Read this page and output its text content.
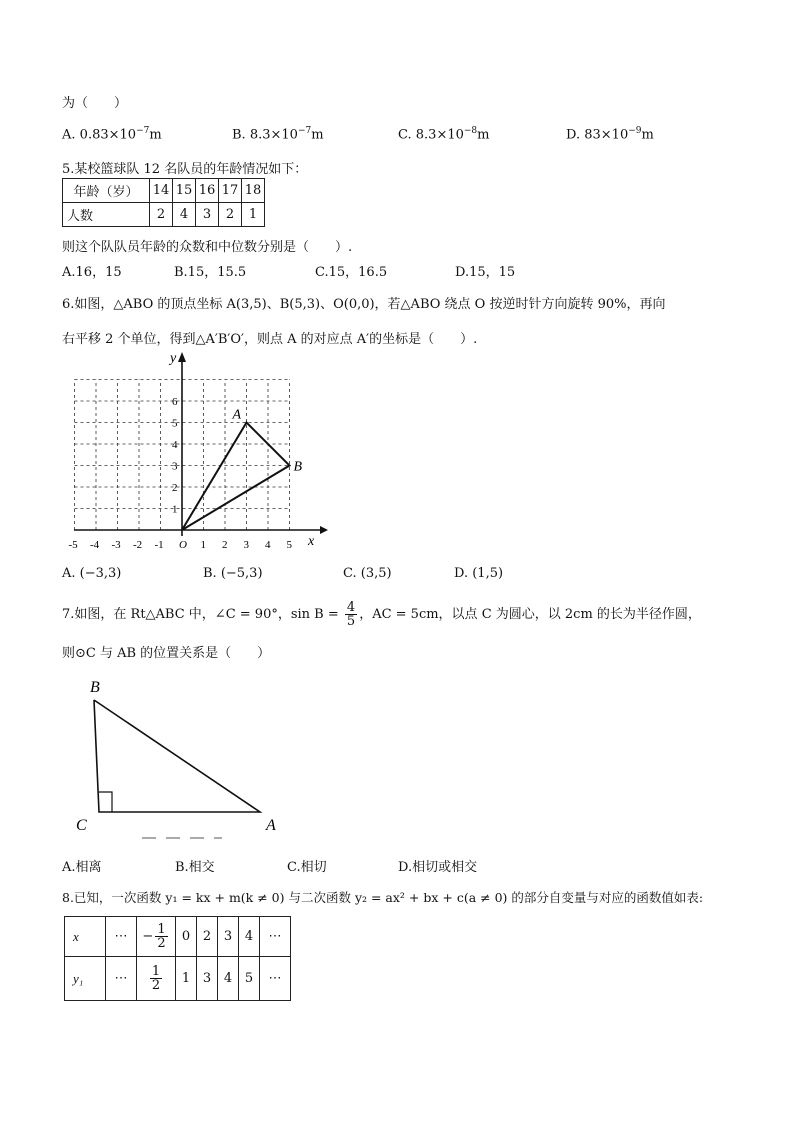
为（　　）
A. $0.83\times 10^{-7}m$	B. $8.3\times 10^{-7}m$	C. $8.3\times 10^{-8}m$	D. $83\times 10^{-9}m$
5.某校篮球队 12 名队员的年龄情况如下：
年龄（岁）	14	15	16	17	18
人数	2	4	3	2	1
则这个队队员年龄的众数和中位数分别是（　　）.
A.16，15	B.15，15.5	C.15，16.5	D.15，15
6.如图，△ABO 的顶点坐标 A(3,5)、B(5,3)、O(0,0)，若△ABO 绕点 O 按逆时针方向旋转 90%，再向
右平移 2 个单位，得到△A′B′O′，则点 A 的对应点 A′的坐标是（　　）.
x
y
-5 -4 -3 -2 -1 O 1 2 3 4 5
1
2
3
4
5
6
A
B
A. (−3,3)	B. (−5,3)	C. (3,5)	D. (1,5)
7.如图，在 Rt△ABC 中，∠C = 90°，$\sin B = \frac{4}{5}$ ，AC = 5cm，以点 C 为圆心，以 2cm 的长为半径作圆，
则⊙C 与 AB 的位置关系是（　　）
B
C	A
A.相离	B.相交	C.相切	D.相切或相交
8.已知，一次函数 y₁ = kx + m(k ≠ 0) 与二次函数 y₂ = ax² + bx + c(a ≠ 0) 的部分自变量与对应的函数值如表:
x	⋯	− $\frac{1}{2}$	0	2	3	4	⋯
y₁	⋯	$\frac{1}{2}$	1	3	4	5	⋯
